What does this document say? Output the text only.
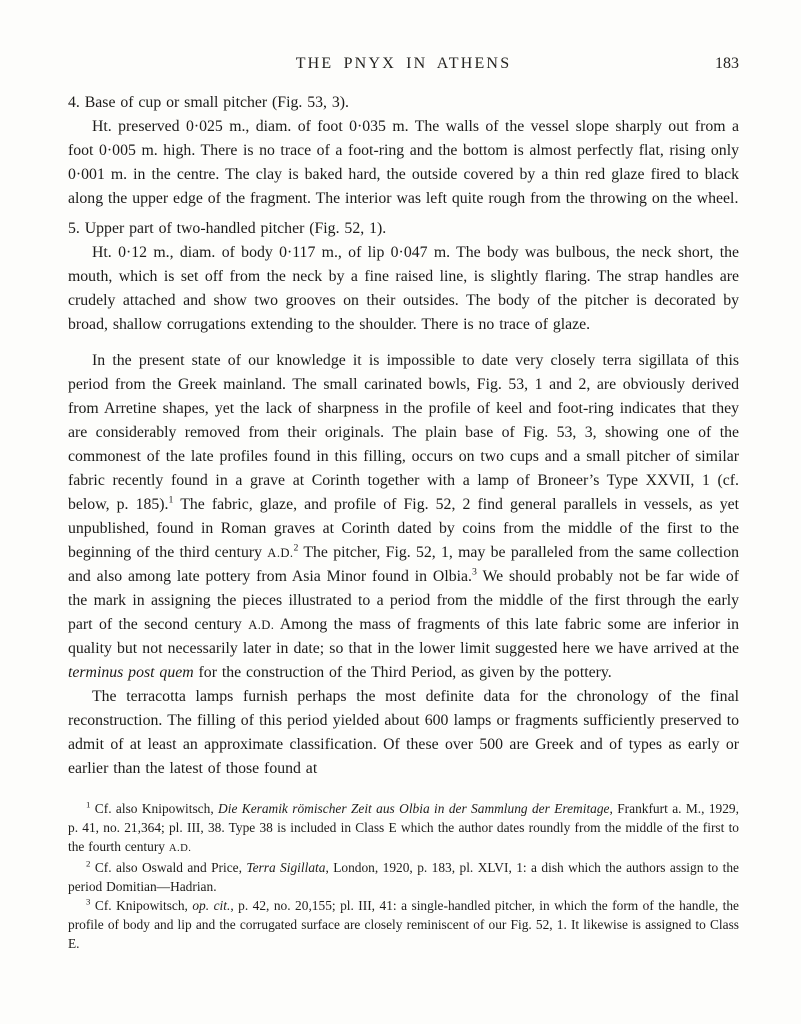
THE PNYX IN ATHENS	183

4. Base of cup or small pitcher (Fig. 53, 3).

Ht. preserved 0·025 m., diam. of foot 0·035 m. The walls of the vessel slope sharply out from a foot 0·005 m. high. There is no trace of a foot-ring and the bottom is almost perfectly flat, rising only 0·001 m. in the centre. The clay is baked hard, the outside covered by a thin red glaze fired to black along the upper edge of the fragment. The interior was left quite rough from the throwing on the wheel.

5. Upper part of two-handled pitcher (Fig. 52, 1).

Ht. 0·12 m., diam. of body 0·117 m., of lip 0·047 m. The body was bulbous, the neck short, the mouth, which is set off from the neck by a fine raised line, is slightly flaring. The strap handles are crudely attached and show two grooves on their outsides. The body of the pitcher is decorated by broad, shallow corrugations extending to the shoulder. There is no trace of glaze.

In the present state of our knowledge it is impossible to date very closely terra sigillata of this period from the Greek mainland. The small carinated bowls, Fig. 53, 1 and 2, are obviously derived from Arretine shapes, yet the lack of sharpness in the profile of keel and foot-ring indicates that they are considerably removed from their originals. The plain base of Fig. 53, 3, showing one of the commonest of the late profiles found in this filling, occurs on two cups and a small pitcher of similar fabric recently found in a grave at Corinth together with a lamp of Broneer’s Type XXVII, 1 (cf. below, p. 185).$^1$ The fabric, glaze, and profile of Fig. 52, 2 find general parallels in vessels, as yet unpublished, found in Roman graves at Corinth dated by coins from the middle of the first to the beginning of the third century A.D.$^2$ The pitcher, Fig. 52, 1, may be paralleled from the same collection and also among late pottery from Asia Minor found in Olbia.$^3$ We should probably not be far wide of the mark in assigning the pieces illustrated to a period from the middle of the first through the early part of the second century A.D. Among the mass of fragments of this late fabric some are inferior in quality but not necessarily later in date; so that in the lower limit suggested here we have arrived at the terminus post quem for the construction of the Third Period, as given by the pottery.

The terracotta lamps furnish perhaps the most definite data for the chronology of the final reconstruction. The filling of this period yielded about 600 lamps or fragments sufficiently preserved to admit of at least an approximate classification. Of these over 500 are Greek and of types as early or earlier than the latest of those found at

$^1$ Cf. also Knipowitsch, Die Keramik römischer Zeit aus Olbia in der Sammlung der Eremitage, Frankfurt a. M., 1929, p. 41, no. 21,364; pl. III, 38. Type 38 is included in Class E which the author dates roundly from the middle of the first to the fourth century A.D.

$^2$ Cf. also Oswald and Price, Terra Sigillata, London, 1920, p. 183, pl. XLVI, 1: a dish which the authors assign to the period Domitian—Hadrian.

$^3$ Cf. Knipowitsch, op. cit., p. 42, no. 20,155; pl. III, 41: a single-handled pitcher, in which the form of the handle, the profile of body and lip and the corrugated surface are closely reminiscent of our Fig. 52, 1. It likewise is assigned to Class E.
